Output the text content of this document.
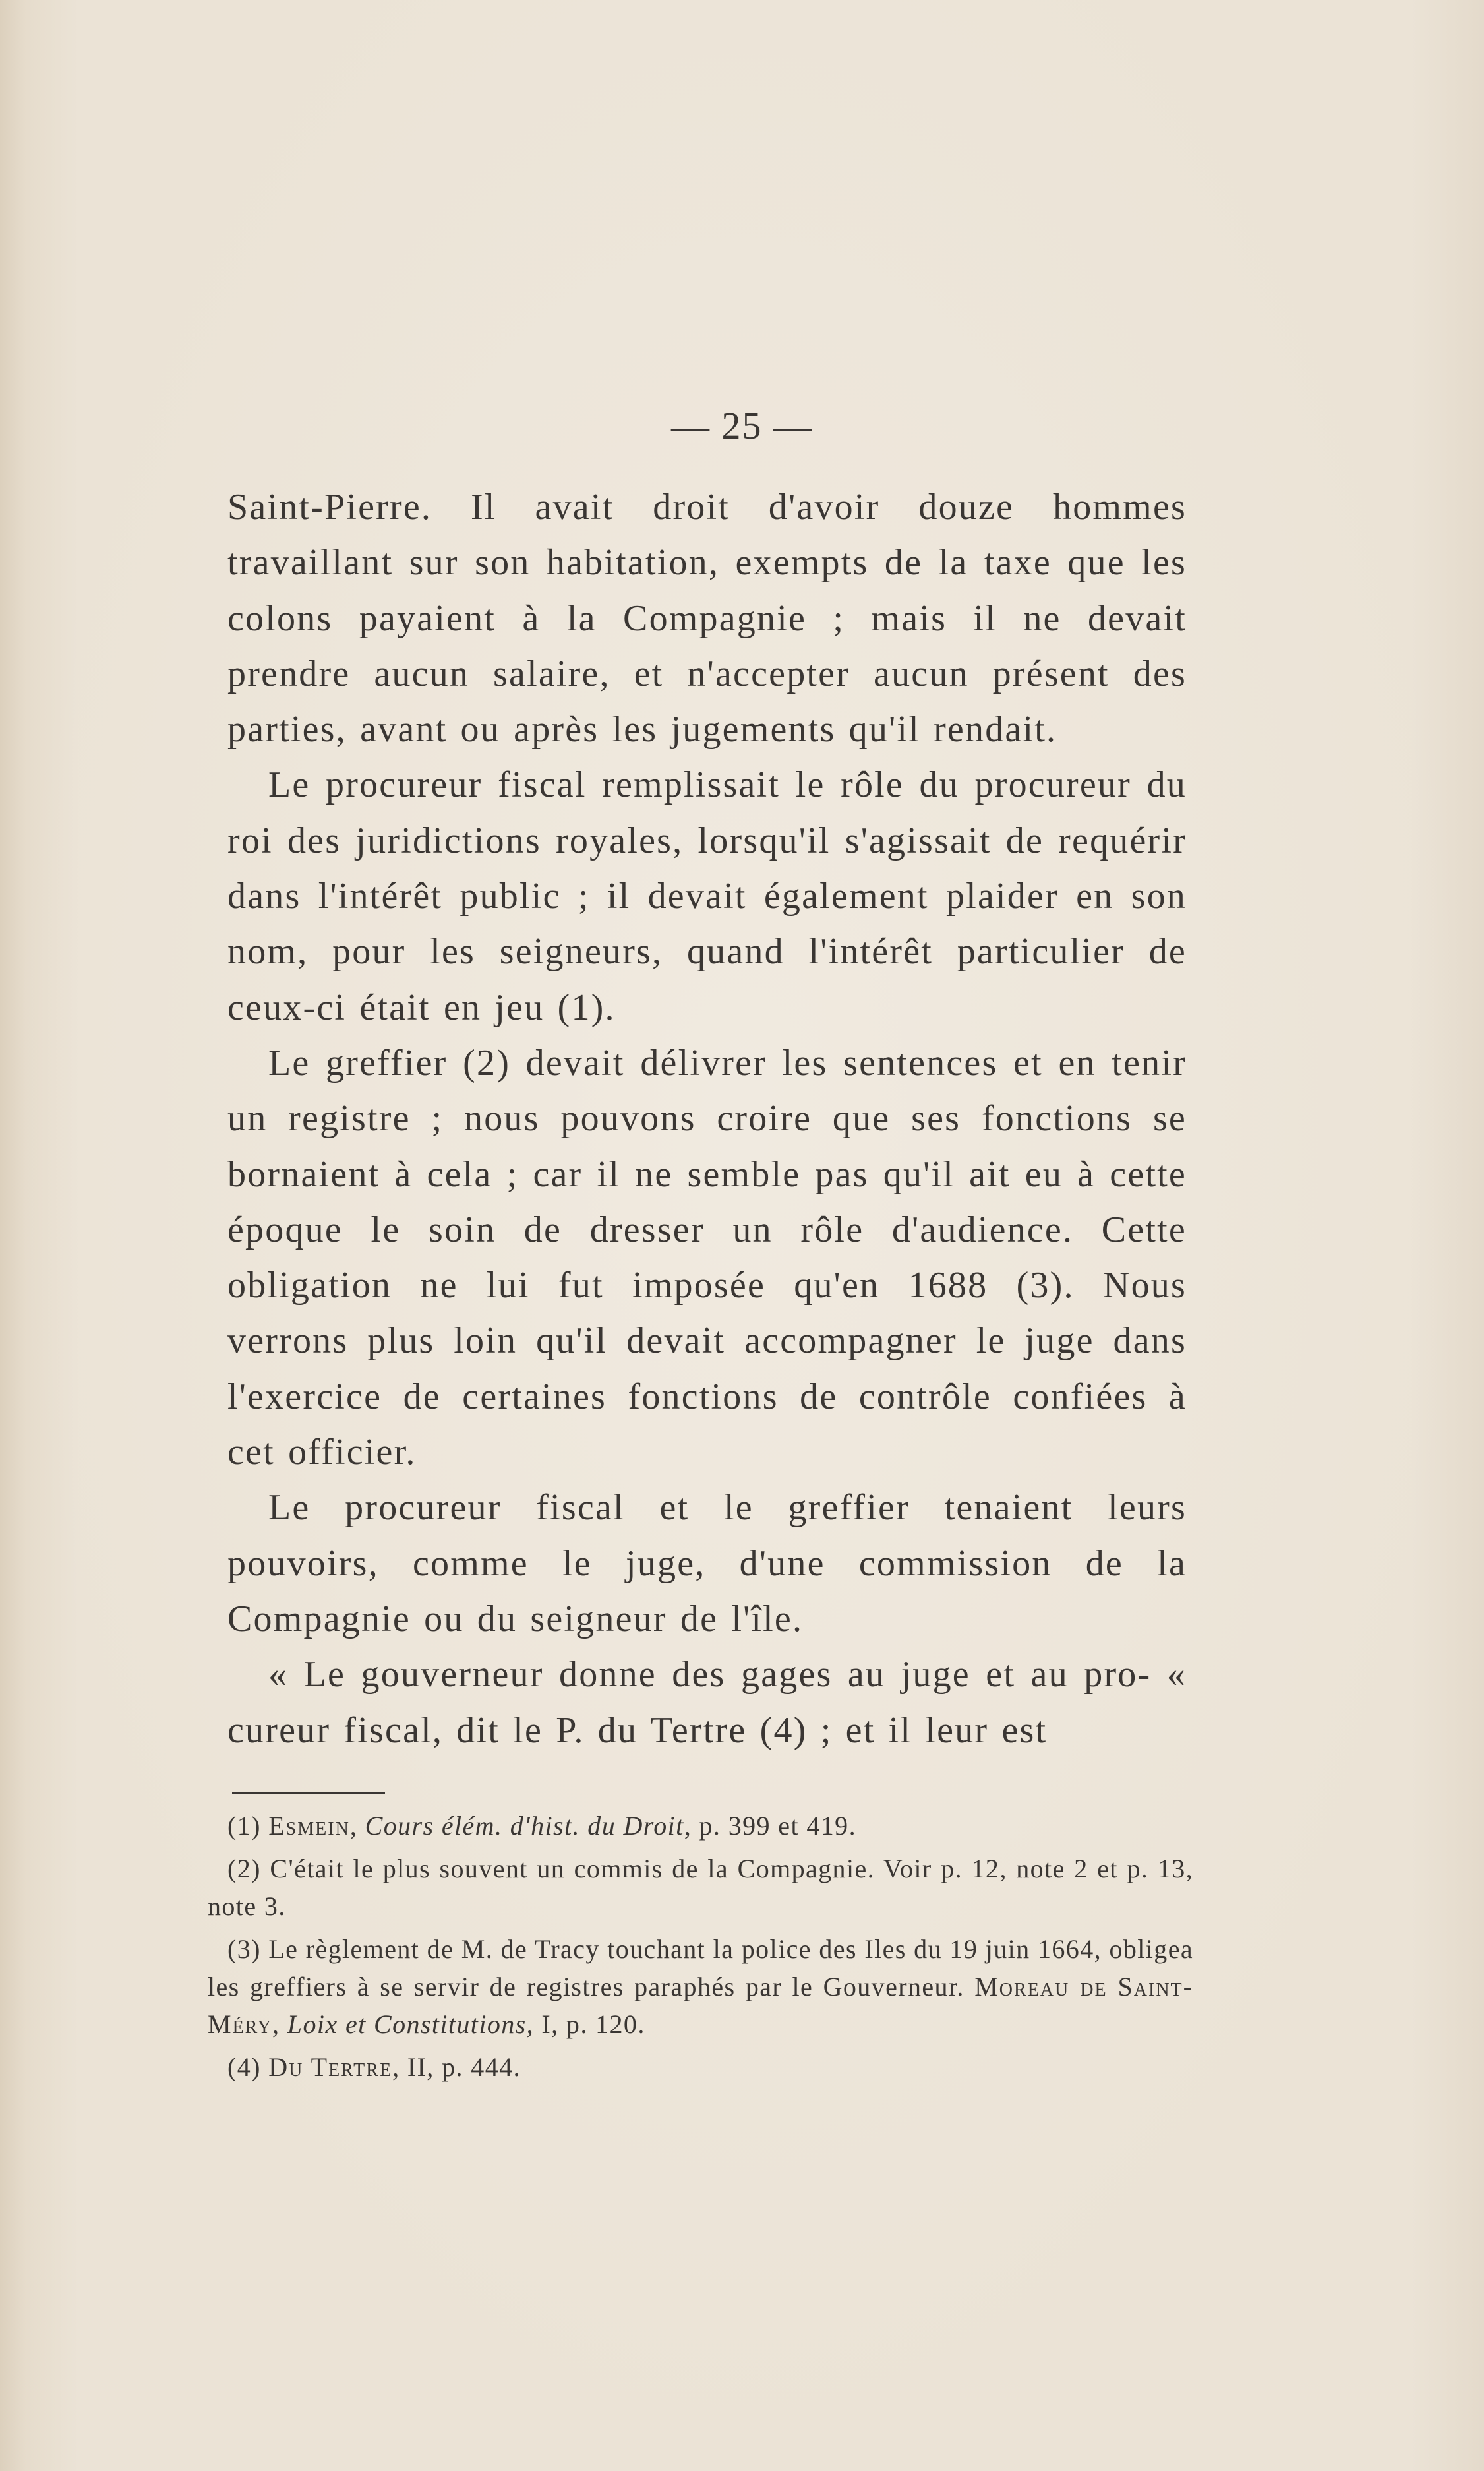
— 25 —

Saint-Pierre. Il avait droit d'avoir douze hommes travaillant sur son habitation, exempts de la taxe que les colons payaient à la Compagnie ; mais il ne devait prendre aucun salaire, et n'accepter aucun présent des parties, avant ou après les jugements qu'il rendait.

Le procureur fiscal remplissait le rôle du procureur du roi des juridictions royales, lorsqu'il s'agissait de requérir dans l'intérêt public ; il devait également plaider en son nom, pour les seigneurs, quand l'intérêt particulier de ceux-ci était en jeu (1).

Le greffier (2) devait délivrer les sentences et en tenir un registre ; nous pouvons croire que ses fonctions se bornaient à cela ; car il ne semble pas qu'il ait eu à cette époque le soin de dresser un rôle d'audience. Cette obligation ne lui fut imposée qu'en 1688 (3). Nous verrons plus loin qu'il devait accompagner le juge dans l'exercice de certaines fonctions de contrôle confiées à cet officier.

Le procureur fiscal et le greffier tenaient leurs pouvoirs, comme le juge, d'une commission de la Compagnie ou du seigneur de l'île.

« Le gouverneur donne des gages au juge et au pro- « cureur fiscal, dit le P. du Tertre (4) ; et il leur est

(1) Esmein, Cours élém. d'hist. du Droit, p. 399 et 419.

(2) C'était le plus souvent un commis de la Compagnie. Voir p. 12, note 2 et p. 13, note 3.

(3) Le règlement de M. de Tracy touchant la police des Iles du 19 juin 1664, obligea les greffiers à se servir de registres paraphés par le Gouverneur. Moreau de Saint-Méry, Loix et Constitutions, I, p. 120.

(4) Du Tertre, II, p. 444.
